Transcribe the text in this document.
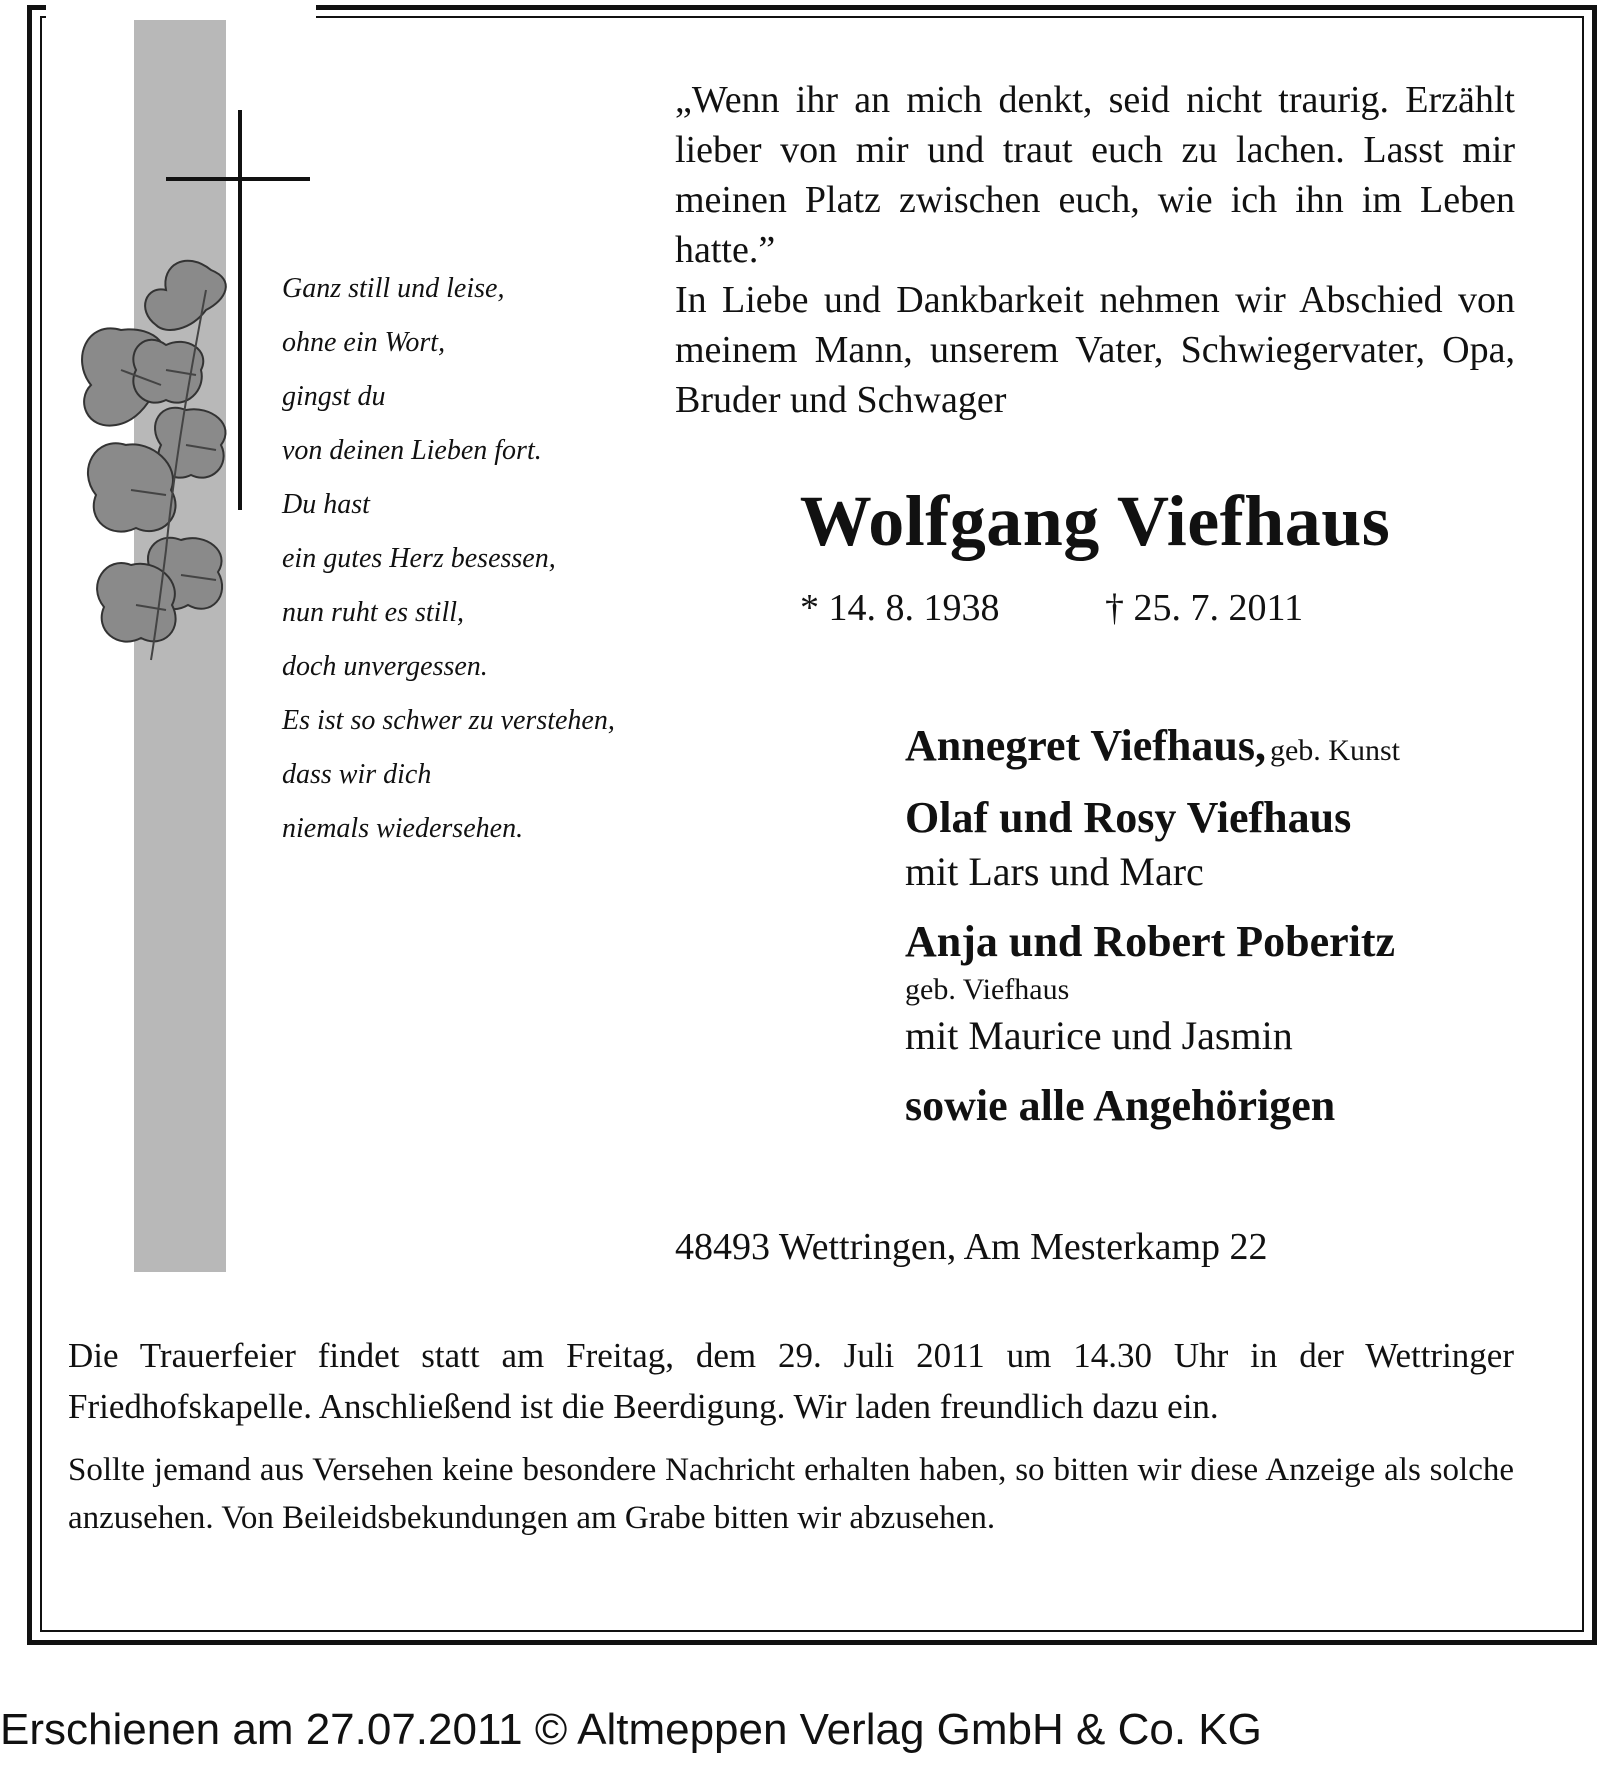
Ganz still und leise,
ohne ein Wort,
gingst du
von deinen Lieben fort.
Du hast
ein gutes Herz besessen,
nun ruht es still,
doch unvergessen.
Es ist so schwer zu verstehen,
dass wir dich
niemals wiedersehen.

„Wenn ihr an mich denkt, seid nicht traurig. Erzählt lieber von mir und traut euch zu lachen. Lasst mir meinen Platz zwischen euch, wie ich ihn im Leben hatte.”

In Liebe und Dankbarkeit nehmen wir Abschied von meinem Mann, unserem Vater, Schwiegervater, Opa, Bruder und Schwager

Wolfgang Viefhaus
* 14. 8. 1938	† 25. 7. 2011
Annegret Viefhaus, geb. Kunst
Olaf und Rosy Viefhaus
mit Lars und Marc
Anja und Robert Poberitz
geb. Viefhaus
mit Maurice und Jasmin
sowie alle Angehörigen
48493 Wettringen, Am Mesterkamp 22

Die Trauerfeier findet statt am Freitag, dem 29. Juli 2011 um 14.30 Uhr in der Wettringer Friedhofskapelle. Anschließend ist die Beerdigung. Wir laden freundlich dazu ein.

Sollte jemand aus Versehen keine besondere Nachricht erhalten haben, so bitten wir diese Anzeige als solche anzusehen. Von Beileidsbekundungen am Grabe bitten wir abzusehen.

Erschienen am 27.07.2011 © Altmeppen Verlag GmbH & Co. KG
